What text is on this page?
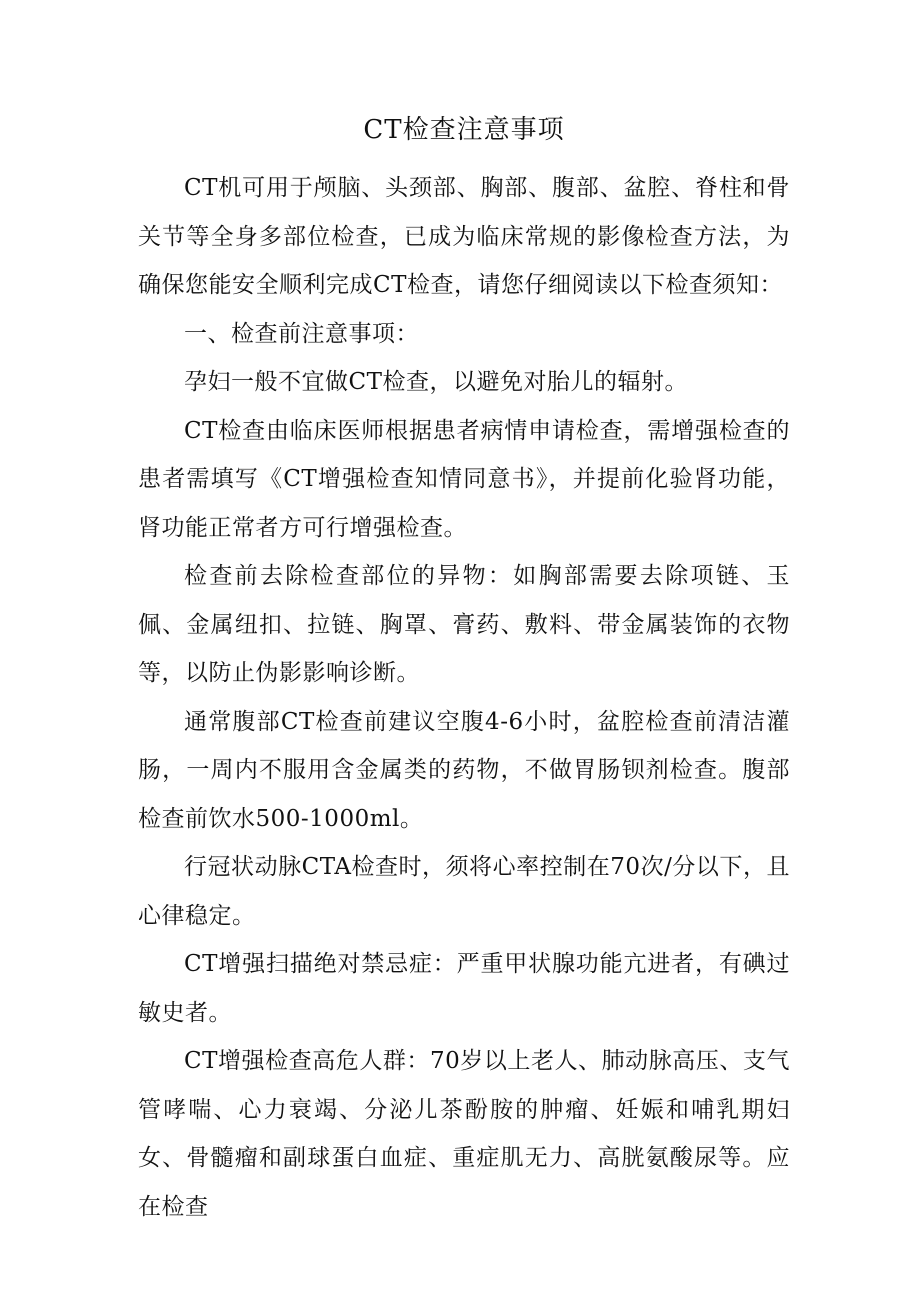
CT检查注意事项

CT机可用于颅脑、头颈部、胸部、腹部、盆腔、脊柱和骨关节等全身多部位检查，已成为临床常规的影像检查方法，为确保您能安全顺利完成CT检查，请您仔细阅读以下检查须知：

一、检查前注意事项：

孕妇一般不宜做CT检查，以避免对胎儿的辐射。

CT检查由临床医师根据患者病情申请检查，需增强检查的患者需填写《CT增强检查知情同意书》，并提前化验肾功能，肾功能正常者方可行增强检查。

检查前去除检查部位的异物：如胸部需要去除项链、玉佩、金属纽扣、拉链、胸罩、膏药、敷料、带金属装饰的衣物等，以防止伪影影响诊断。

通常腹部CT检查前建议空腹4-6小时，盆腔检查前清洁灌肠，一周内不服用含金属类的药物，不做胃肠钡剂检查。腹部检查前饮水500-1000ml。

行冠状动脉CTA检查时，须将心率控制在70次/分以下，且心律稳定。

CT增强扫描绝对禁忌症：严重甲状腺功能亢进者，有碘过敏史者。

CT增强检查高危人群：70岁以上老人、肺动脉高压、支气管哮喘、心力衰竭、分泌儿茶酚胺的肿瘤、妊娠和哺乳期妇女、骨髓瘤和副球蛋白血症、重症肌无力、高胱氨酸尿等。应在检查
